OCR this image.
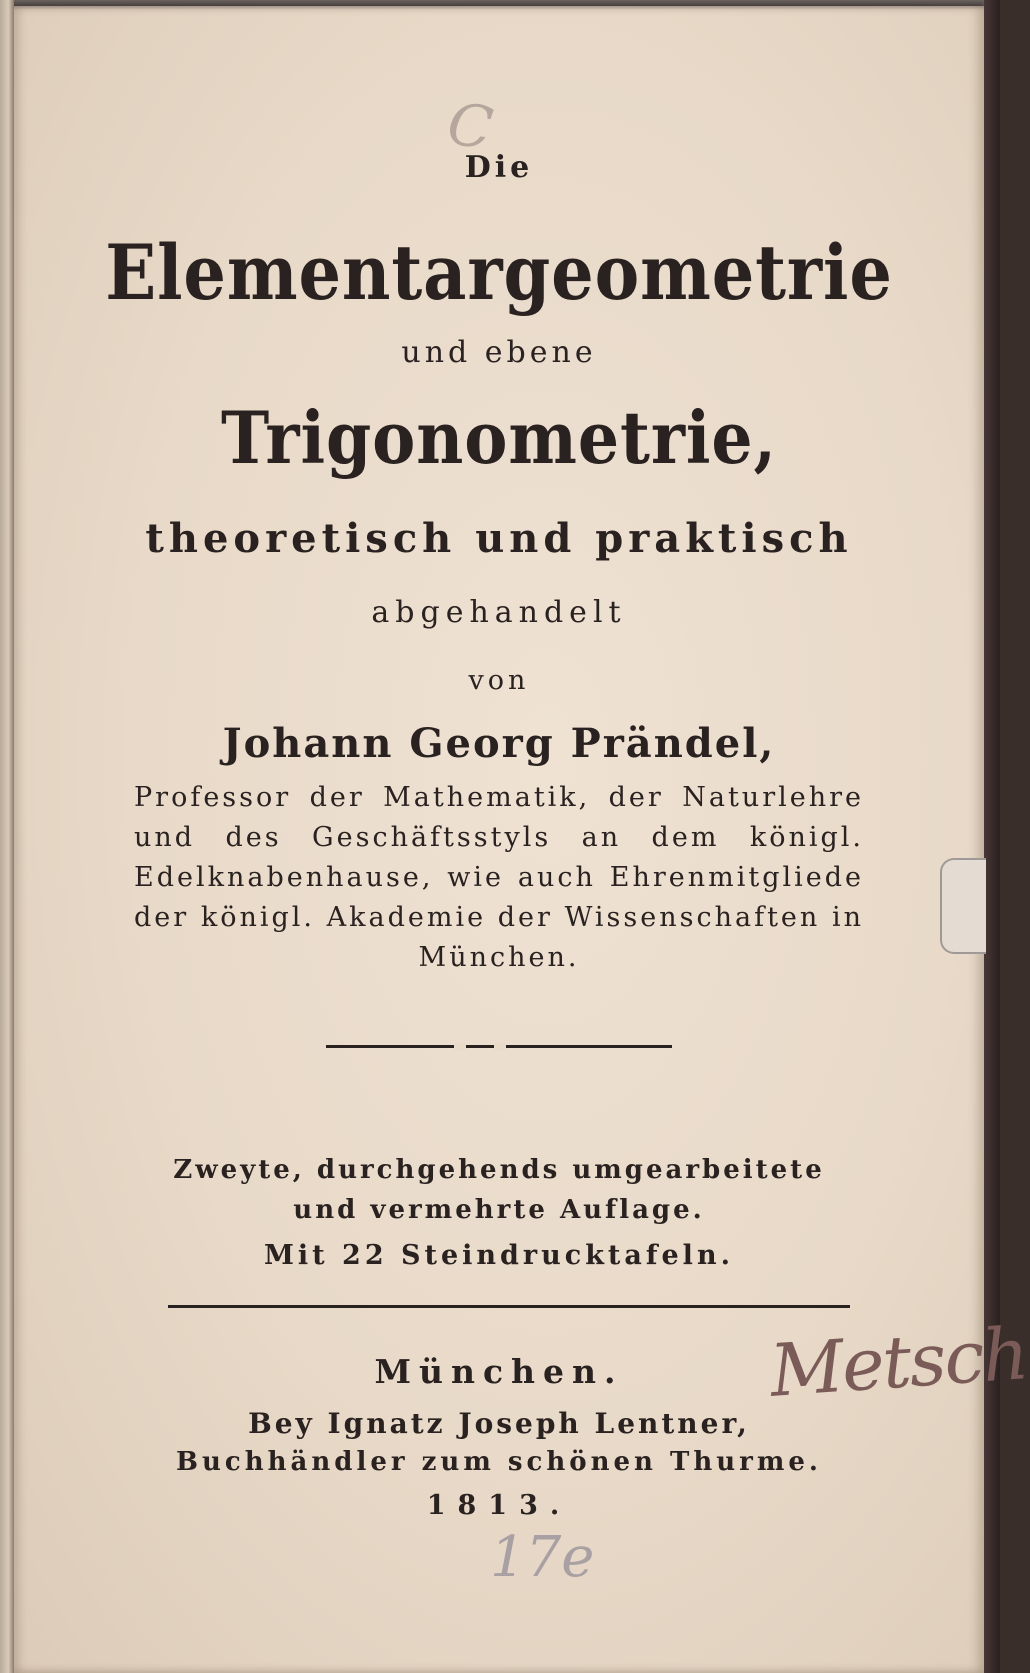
C
Die
Elementargeometrie
und ebene
Trigonometrie,
theoretisch und praktisch
abgehandelt
von
Johann Georg Prändel,
Professor der Mathematik, der Naturlehre und des Geschäftsstyls an dem königl. Edelknabenhause, wie auch Ehrenmitgliede der königl. Akademie der Wissenschaften in München.
Zweyte, durchgehends umgearbeitete
und vermehrte Auflage.
Mit 22 Steindrucktafeln.
München.
Bey Ignatz Joseph Lentner,
Buchhändler zum schönen Thurme.
1813.
Metsch
17e
